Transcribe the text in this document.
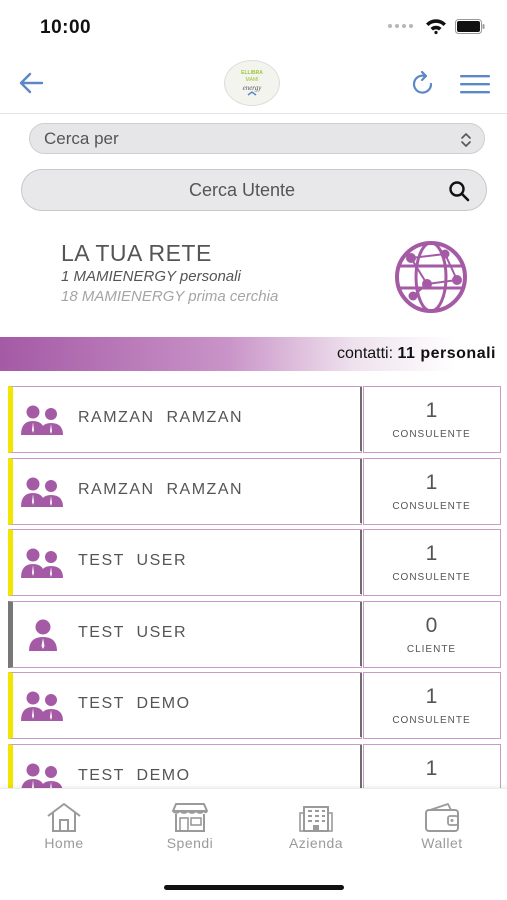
10:00
ELLIBRA
MAMI
energy
Cerca per
Cerca Utente
LA TUA RETE
1 MAMIENERGY personali
18 MAMIENERGY prima cerchia
contatti: 11 personali
RAMZAN RAMZAN	1
CONSULENTE
RAMZAN RAMZAN	1
CONSULENTE
TEST USER	1
CONSULENTE
TEST USER	0
CLIENTE
TEST DEMO	1
CONSULENTE
TEST DEMO	1
Home	Spendi	Azienda	Wallet
